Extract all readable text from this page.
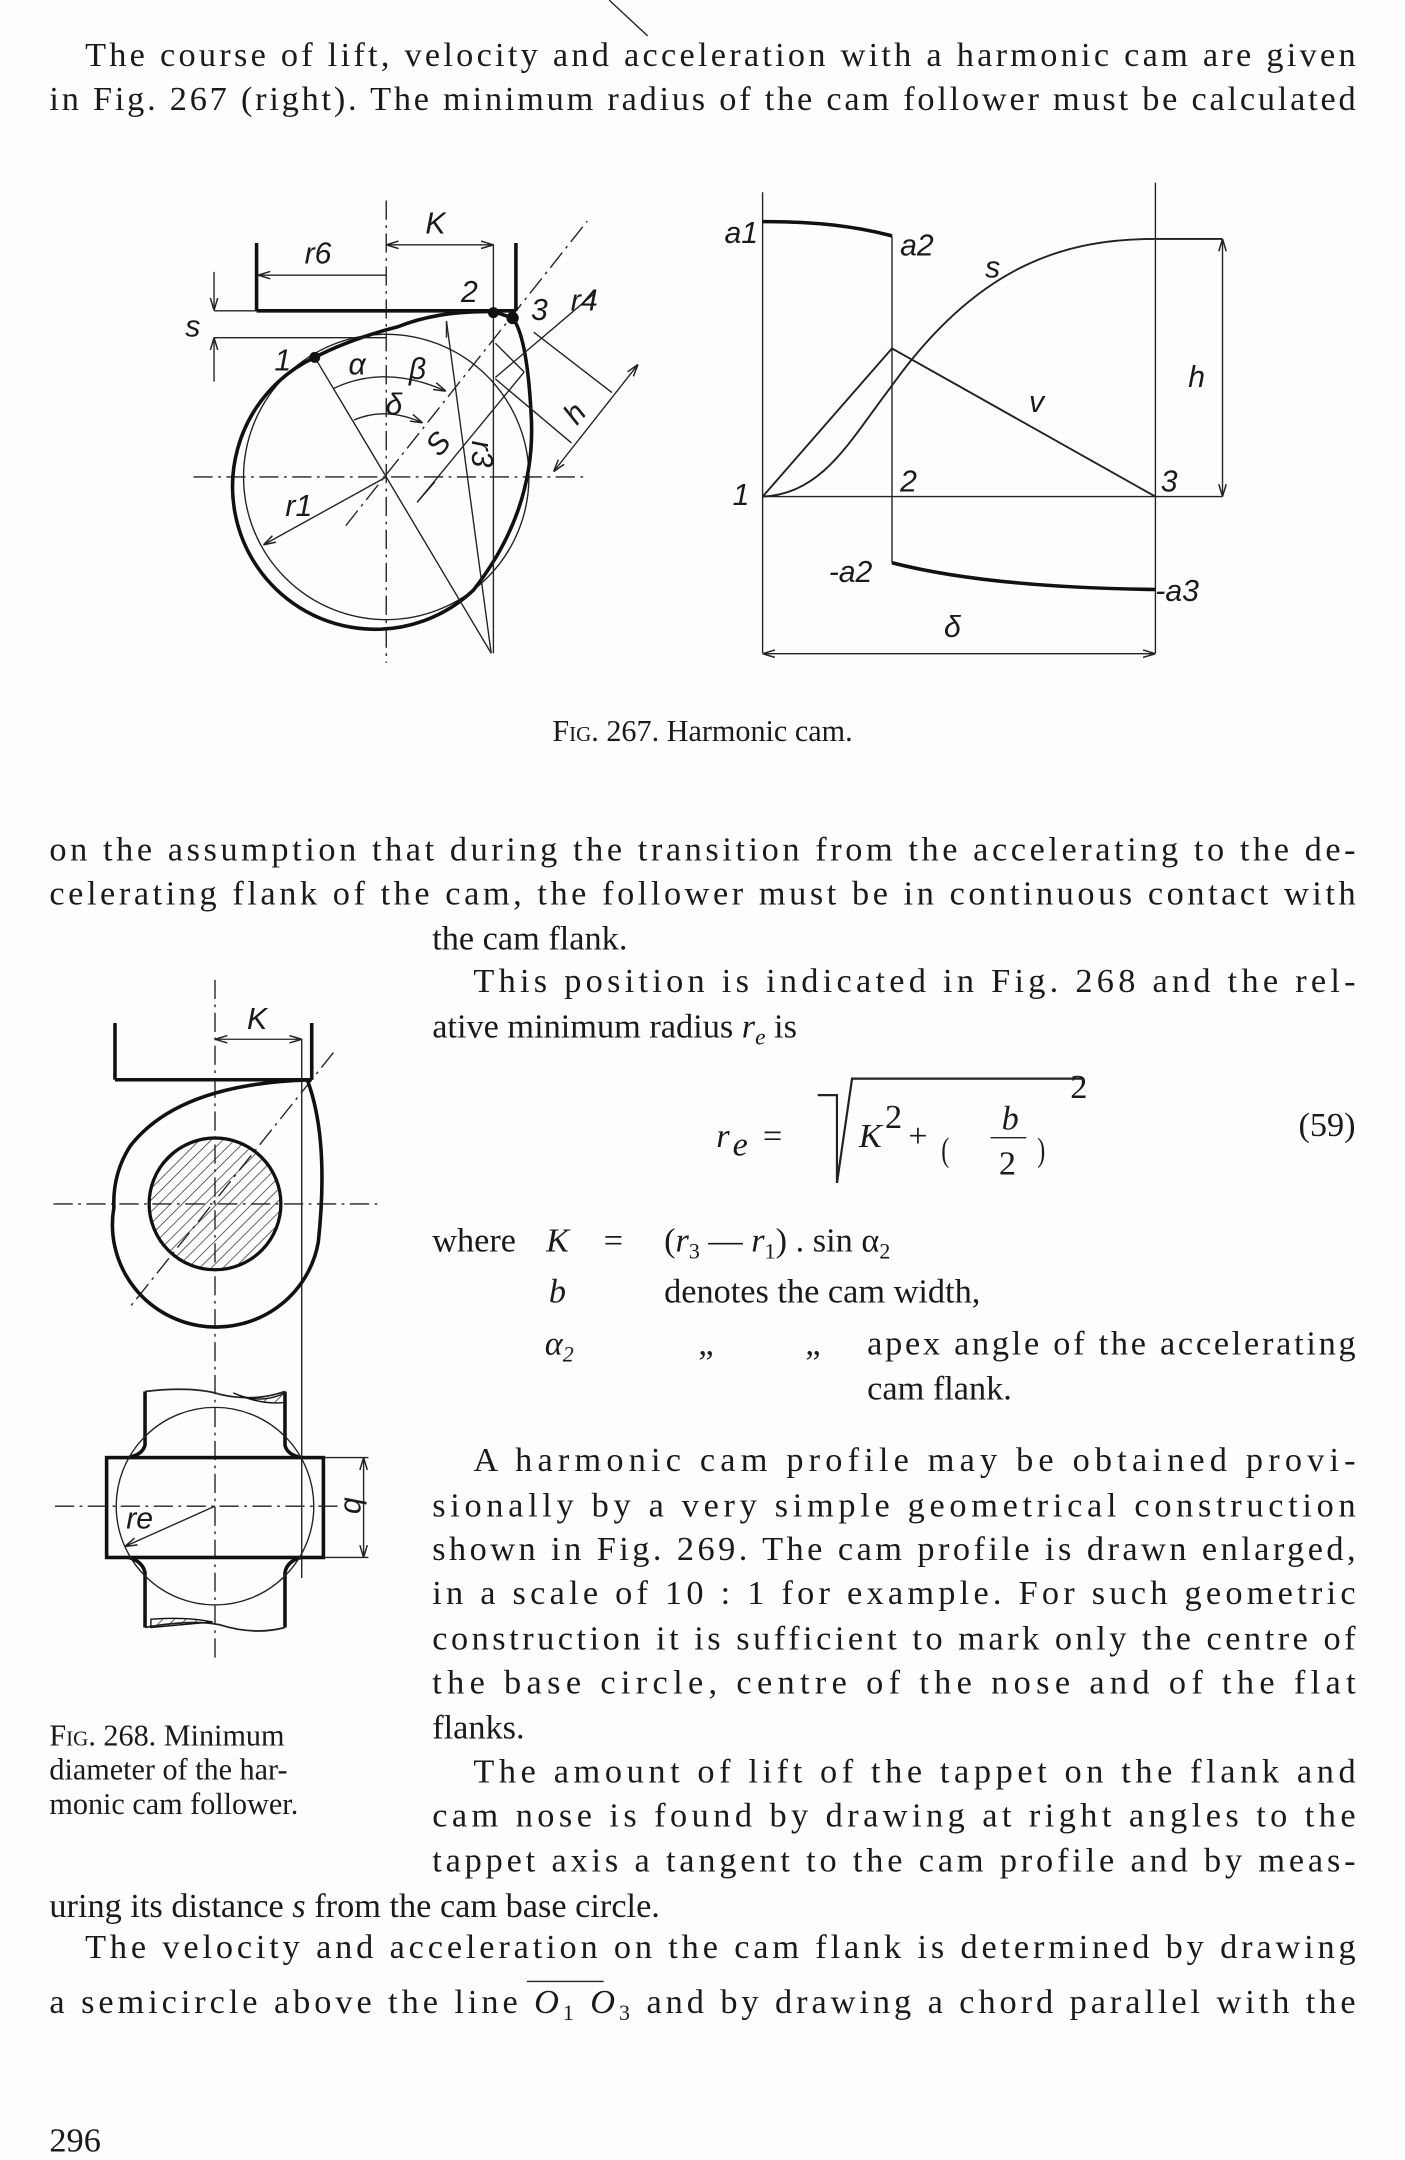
The course of lift, velocity and acceleration with a harmonic cam are given
in Fig. 267 (right). The minimum radius of the cam follower must be calculated
s
r6
K
1
2
3 r4
α β
δ
S r3
h
r1
a1	a2
s
v
h
1	2	3
-a2
-a3
δ
Fig. 267. Harmonic cam.
on the assumption that during the transition from the accelerating to the de-
celerating flank of the cam, the follower must be in continuous contact with
the cam flank.
This position is indicated in Fig. 268 and the rel-
ative minimum radius $r_e$ is
r e =	K
2
+ (
b
2 )
2
(59)
where $K = (r_3$ — $r_1$) . $\sin \alpha_2$
b	denotes the cam width,
$\alpha_2$	„	„ apex angle of the accelerating
cam flank.
A harmonic cam profile may be obtained provi-
sionally by a very simple geometrical construction
shown in Fig. 269. The cam profile is drawn enlarged,
in a scale of 10 : 1 for example. For such geometric
construction it is sufficient to mark only the centre of
the base circle, centre of the nose and of the flat
flanks.
The amount of lift of the tappet on the flank and
cam nose is found by drawing at right angles to the
tappet axis a tangent to the cam profile and by meas-
uring its distance s from the cam base circle.
The velocity and acceleration on the cam flank is determined by drawing
a semicircle above the line O $_1$ O $_3$ and by drawing a chord parallel with the
K
re	b
Fig. 268. Minimum
diameter of the har-
monic cam follower.
296
